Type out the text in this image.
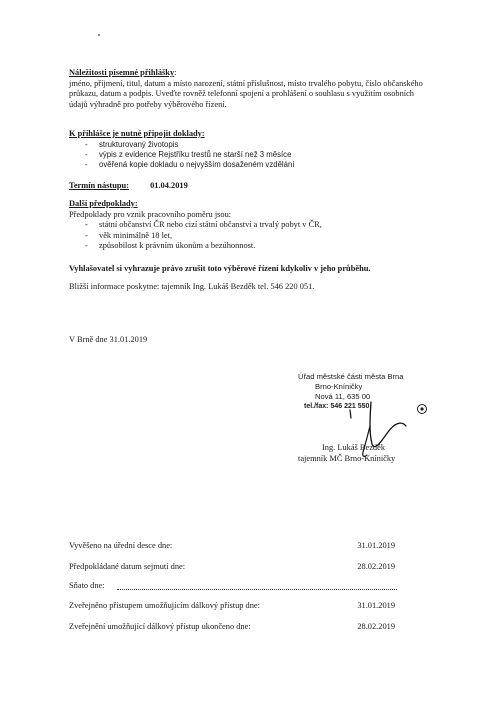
Náležitosti písemné přihlášky:
jméno, příjmení, titul, datum a místo narození, státní příslušnost, místo trvalého pobytu, číslo občanského
průkazu, datum a podpis. Uveďte rovněž telefonní spojení a prohlášení o souhlasu s využitím osobních
údajů výhradně pro potřeby výběrového řízení.
K přihlášce je nutné připojit doklady:
- strukturovaný životopis
- výpis z evidence Rejstříku trestů ne starší než 3 měsíce
- ověřená kopie dokladu o nejvyšším dosaženém vzdělání
Termín nástupu:	01.04.2019
Další předpoklady:
Předpoklady pro vznik pracovního poměru jsou:
- státní občanství ČR nebo cizí státní občanství a trvalý pobyt v ČR,
- věk minimálně 18 let,
- způsobilost k právním úkonům a bezúhonnost.
Vyhlašovatel si vyhrazuje právo zrušit toto výběrové řízení kdykoliv v jeho průběhu.
Bližší informace poskytne: tajemník Ing. Lukáš Bezděk tel. 546 220 051.
V Brně dne 31.01.2019
Úřad městské části města Brna
Brno-Kníničky
Nová 11, 635 00
tel./fax: 546 221 550
Ing. Lukáš Bezděk
tajemník MČ Brno-Kníničky
Vyvěšeno na úřední desce dne:	31.01.2019
Předpokládané datum sejmutí dne:	28.02.2019
Sňato dne:
Zveřejněno přístupem umožňujícím dálkový přístup dne:	31.01.2019
Zveřejnění umožňující dálkový přístup ukončeno dne:	28.02.2019
